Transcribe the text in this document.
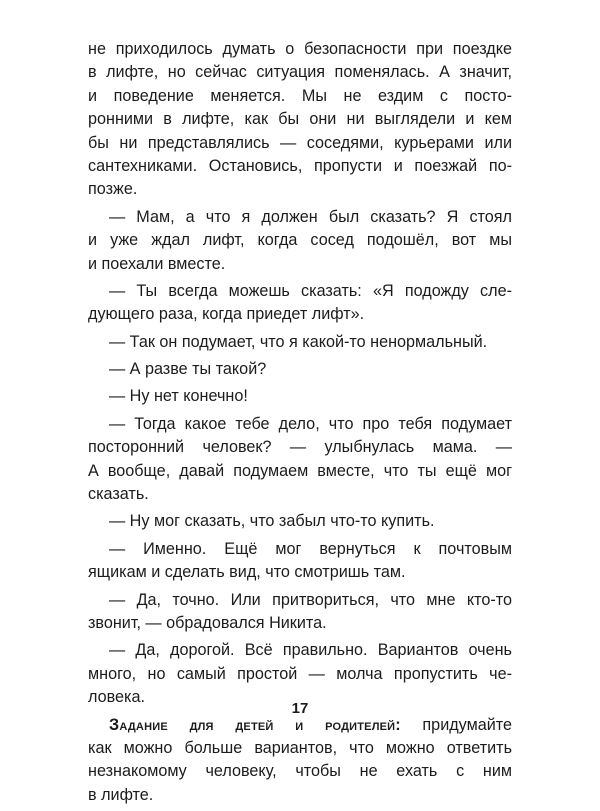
не приходилось думать о безопасности при поездке
в лифте, но сейчас ситуация поменялась. А значит,
и поведение меняется. Мы не ездим с посто-
ронними в лифте, как бы они ни выглядели и кем
бы ни представлялись — соседями, курьерами или
сантехниками. Остановись, пропусти и поезжай по-
позже.
— Мам, а что я должен был сказать? Я стоял
и уже ждал лифт, когда сосед подошёл, вот мы
и поехали вместе.
— Ты всегда можешь сказать: «Я подожду сле-
дующего раза, когда приедет лифт».
— Так он подумает, что я какой-то ненормальный.
— А разве ты такой?
— Ну нет конечно!
— Тогда какое тебе дело, что про тебя подумает
посторонний человек? — улыбнулась мама. —
А вообще, давай подумаем вместе, что ты ещё мог
сказать.
— Ну мог сказать, что забыл что-то купить.
— Именно. Ещё мог вернуться к почтовым
ящикам и сделать вид, что смотришь там.
— Да, точно. Или притвориться, что мне кто-то
звонит, — обрадовался Никита.
— Да, дорогой. Всё правильно. Вариантов очень
много, но самый простой — молча пропустить че-
ловека.
Задание для детей и родителей: придумайте
как можно больше вариантов, что можно ответить
незнакомому человеку, чтобы не ехать с ним
в лифте.
17
